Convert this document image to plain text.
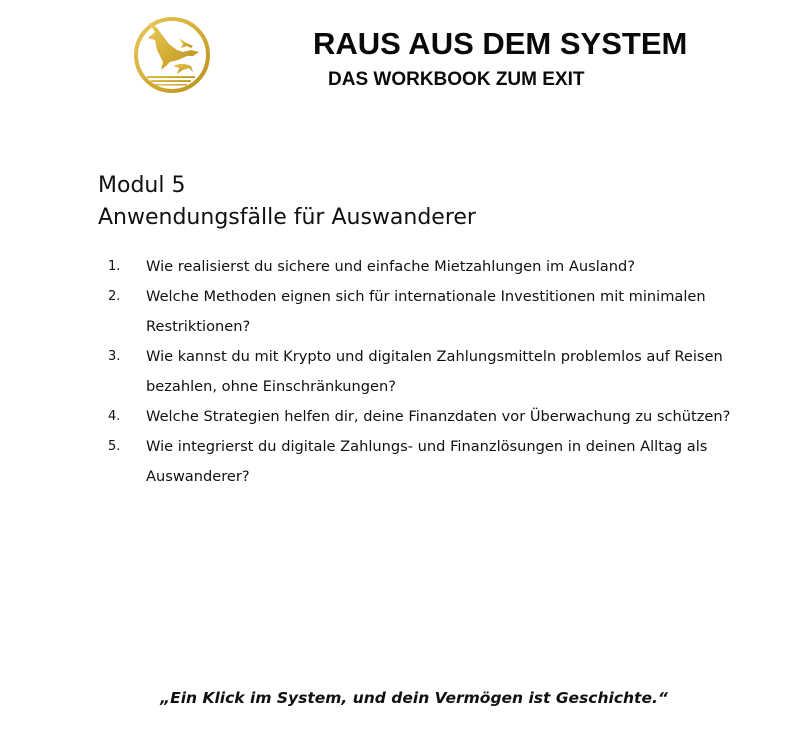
RAUS AUS DEM SYSTEM
DAS WORKBOOK ZUM EXIT
Modul 5
Anwendungsfälle für Auswanderer
1.	Wie realisierst du sichere und einfache Mietzahlungen im Ausland?
2.	Welche Methoden eignen sich für internationale Investitionen mit minimalen Restriktionen?
3.	Wie kannst du mit Krypto und digitalen Zahlungsmitteln problemlos auf Reisen bezahlen, ohne Einschränkungen?
4.	Welche Strategien helfen dir, deine Finanzdaten vor Überwachung zu schützen?
5.	Wie integrierst du digitale Zahlungs- und Finanzlösungen in deinen Alltag als Auswanderer?
„Ein Klick im System, und dein Vermögen ist Geschichte.“
